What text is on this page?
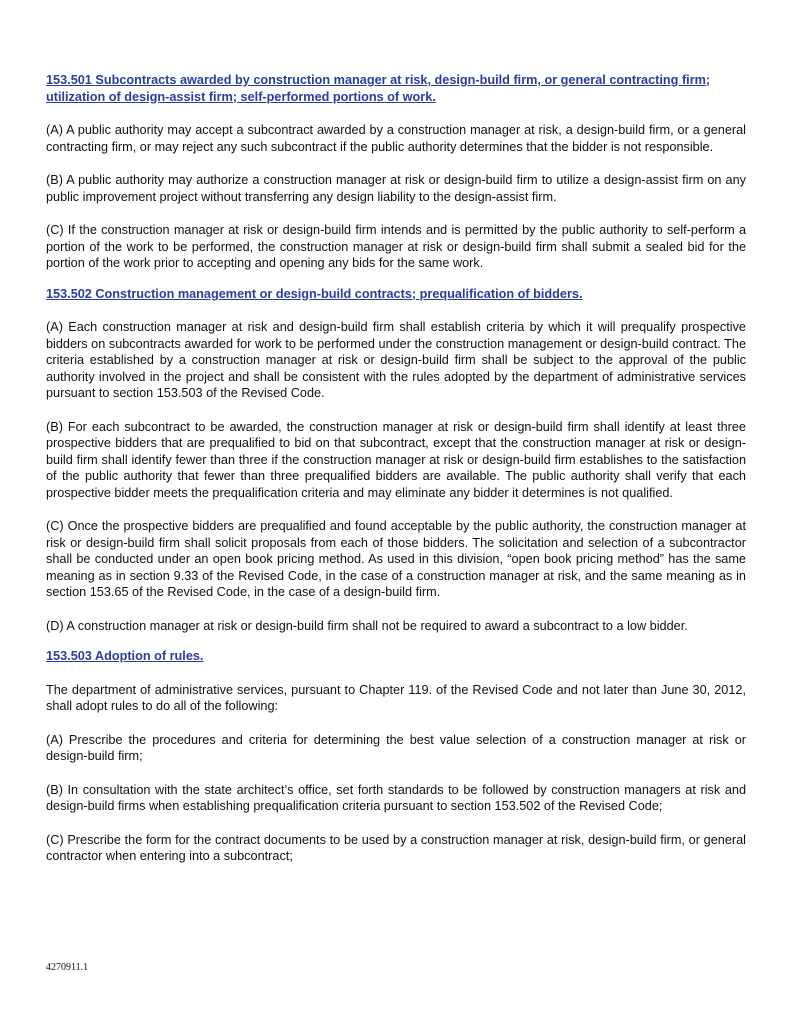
153.501 Subcontracts awarded by construction manager at risk, design-build firm, or general contracting firm; utilization of design-assist firm; self-performed portions of work.

(A) A public authority may accept a subcontract awarded by a construction manager at risk, a design-build firm, or a general contracting firm, or may reject any such subcontract if the public authority determines that the bidder is not responsible.

(B) A public authority may authorize a construction manager at risk or design-build firm to utilize a design-assist firm on any public improvement project without transferring any design liability to the design-assist firm.

(C) If the construction manager at risk or design-build firm intends and is permitted by the public authority to self-perform a portion of the work to be performed, the construction manager at risk or design-build firm shall submit a sealed bid for the portion of the work prior to accepting and opening any bids for the same work.

153.502 Construction management or design-build contracts; prequalification of bidders.

(A) Each construction manager at risk and design-build firm shall establish criteria by which it will prequalify prospective bidders on subcontracts awarded for work to be performed under the construction management or design-build contract. The criteria established by a construction manager at risk or design-build firm shall be subject to the approval of the public authority involved in the project and shall be consistent with the rules adopted by the department of administrative services pursuant to section 153.503 of the Revised Code.

(B) For each subcontract to be awarded, the construction manager at risk or design-build firm shall identify at least three prospective bidders that are prequalified to bid on that subcontract, except that the construction manager at risk or design-build firm shall identify fewer than three if the construction manager at risk or design-build firm establishes to the satisfaction of the public authority that fewer than three prequalified bidders are available. The public authority shall verify that each prospective bidder meets the prequalification criteria and may eliminate any bidder it determines is not qualified.

(C) Once the prospective bidders are prequalified and found acceptable by the public authority, the construction manager at risk or design-build firm shall solicit proposals from each of those bidders. The solicitation and selection of a subcontractor shall be conducted under an open book pricing method. As used in this division, “open book pricing method” has the same meaning as in section 9.33 of the Revised Code, in the case of a construction manager at risk, and the same meaning as in section 153.65 of the Revised Code, in the case of a design-build firm.

(D) A construction manager at risk or design-build firm shall not be required to award a subcontract to a low bidder.

153.503 Adoption of rules.

The department of administrative services, pursuant to Chapter 119. of the Revised Code and not later than June 30, 2012, shall adopt rules to do all of the following:

(A) Prescribe the procedures and criteria for determining the best value selection of a construction manager at risk or design-build firm;

(B) In consultation with the state architect’s office, set forth standards to be followed by construction managers at risk and design-build firms when establishing prequalification criteria pursuant to section 153.502 of the Revised Code;

(C) Prescribe the form for the contract documents to be used by a construction manager at risk, design-build firm, or general contractor when entering into a subcontract;

4270911.1
